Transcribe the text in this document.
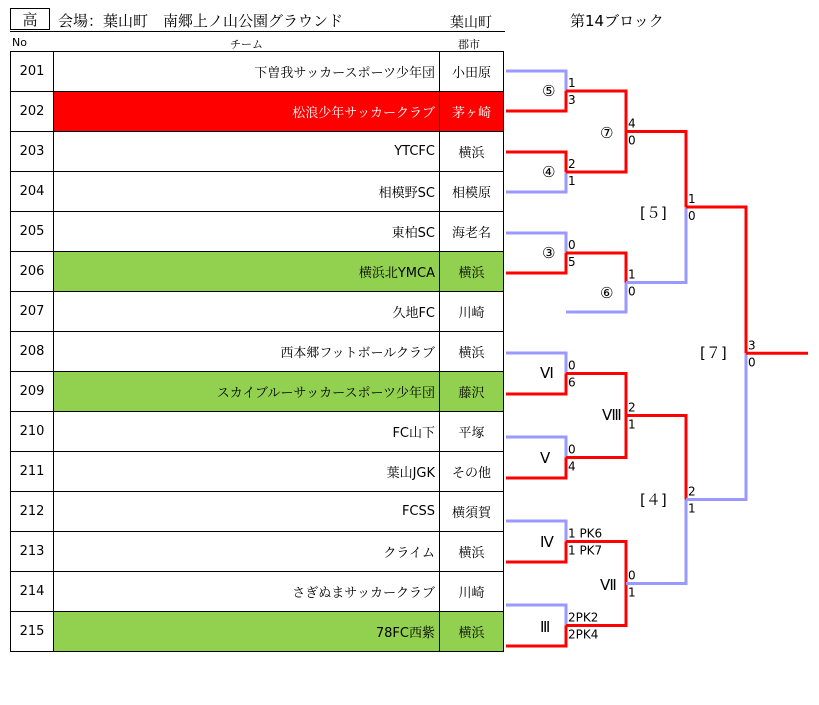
高	会場：葉山町　南郷上ノ山公園グラウンド	葉山町	第14ブロック
No	チーム	郡市
201	下曽我サッカースポーツ少年団	小田原
202	松浪少年サッカークラブ	茅ヶ崎
203	YTCFC	横浜
204	相模野SC	相模原
205	東柏SC	海老名
206	横浜北YMCA	横浜
207	久地FC	川崎
208	西本郷フットボールクラブ	横浜
209	スカイブルーサッカースポーツ少年団	藤沢
210	FC山下	平塚
211	葉山JGK	その他
212	FCSS	横須賀
213	クライム	横浜
214	さぎぬまサッカークラブ	川崎
215	78FC西紫	横浜
1
3
⑤
2
1
④
0
5
③
0
6
Ⅵ
0
4
Ⅴ
1 PK6
1 PK7
Ⅳ
2PK2
2PK4
Ⅲ
4
0
⑦
1
0
⑥
2
1
Ⅷ
0
1
Ⅶ
1
0
[５]
2
1
[４]
3
0
[７]
